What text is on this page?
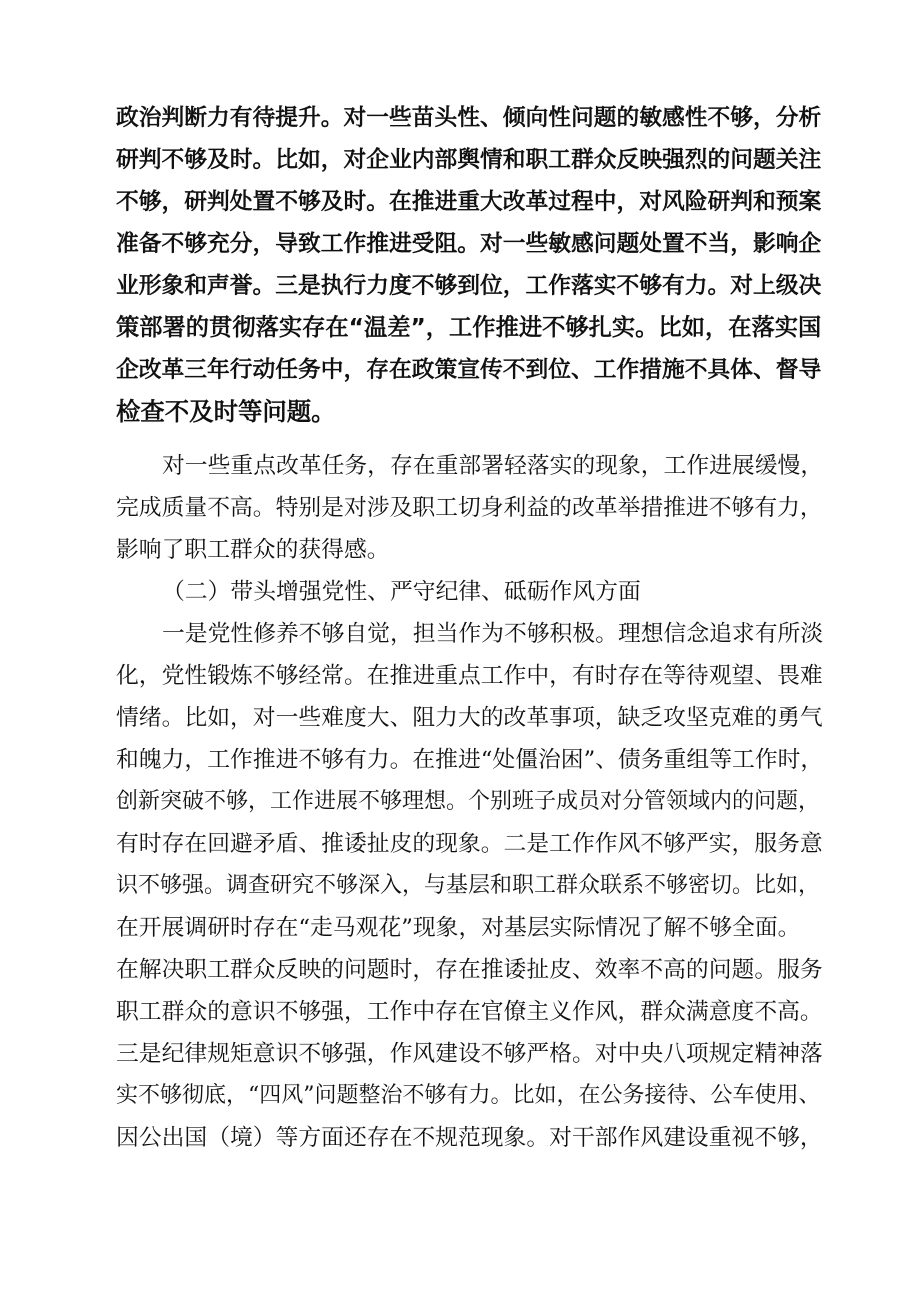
政治判断力有待提升。对一些苗头性、倾向性问题的敏感性不够，分析
研判不够及时。比如，对企业内部舆情和职工群众反映强烈的问题关注
不够，研判处置不够及时。在推进重大改革过程中，对风险研判和预案
准备不够充分，导致工作推进受阻。对一些敏感问题处置不当，影响企
业形象和声誉。三是执行力度不够到位，工作落实不够有力。对上级决
策部署的贯彻落实存在“温差”，工作推进不够扎实。比如，在落实国
企改革三年行动任务中，存在政策宣传不到位、工作措施不具体、督导
检查不及时等问题。
对一些重点改革任务，存在重部署轻落实的现象，工作进展缓慢，
完成质量不高。特别是对涉及职工切身利益的改革举措推进不够有力，
影响了职工群众的获得感。
（二）带头增强党性、严守纪律、砥砺作风方面
一是党性修养不够自觉，担当作为不够积极。理想信念追求有所淡
化，党性锻炼不够经常。在推进重点工作中，有时存在等待观望、畏难
情绪。比如，对一些难度大、阻力大的改革事项，缺乏攻坚克难的勇气
和魄力，工作推进不够有力。在推进“处僵治困”、债务重组等工作时，
创新突破不够，工作进展不够理想。个别班子成员对分管领域内的问题，
有时存在回避矛盾、推诿扯皮的现象。二是工作作风不够严实，服务意
识不够强。调查研究不够深入，与基层和职工群众联系不够密切。比如，
在开展调研时存在“走马观花”现象，对基层实际情况了解不够全面。
在解决职工群众反映的问题时，存在推诿扯皮、效率不高的问题。服务
职工群众的意识不够强，工作中存在官僚主义作风，群众满意度不高。
三是纪律规矩意识不够强，作风建设不够严格。对中央八项规定精神落
实不够彻底，“四风”问题整治不够有力。比如，在公务接待、公车使用、
因公出国（境）等方面还存在不规范现象。对干部作风建设重视不够，
